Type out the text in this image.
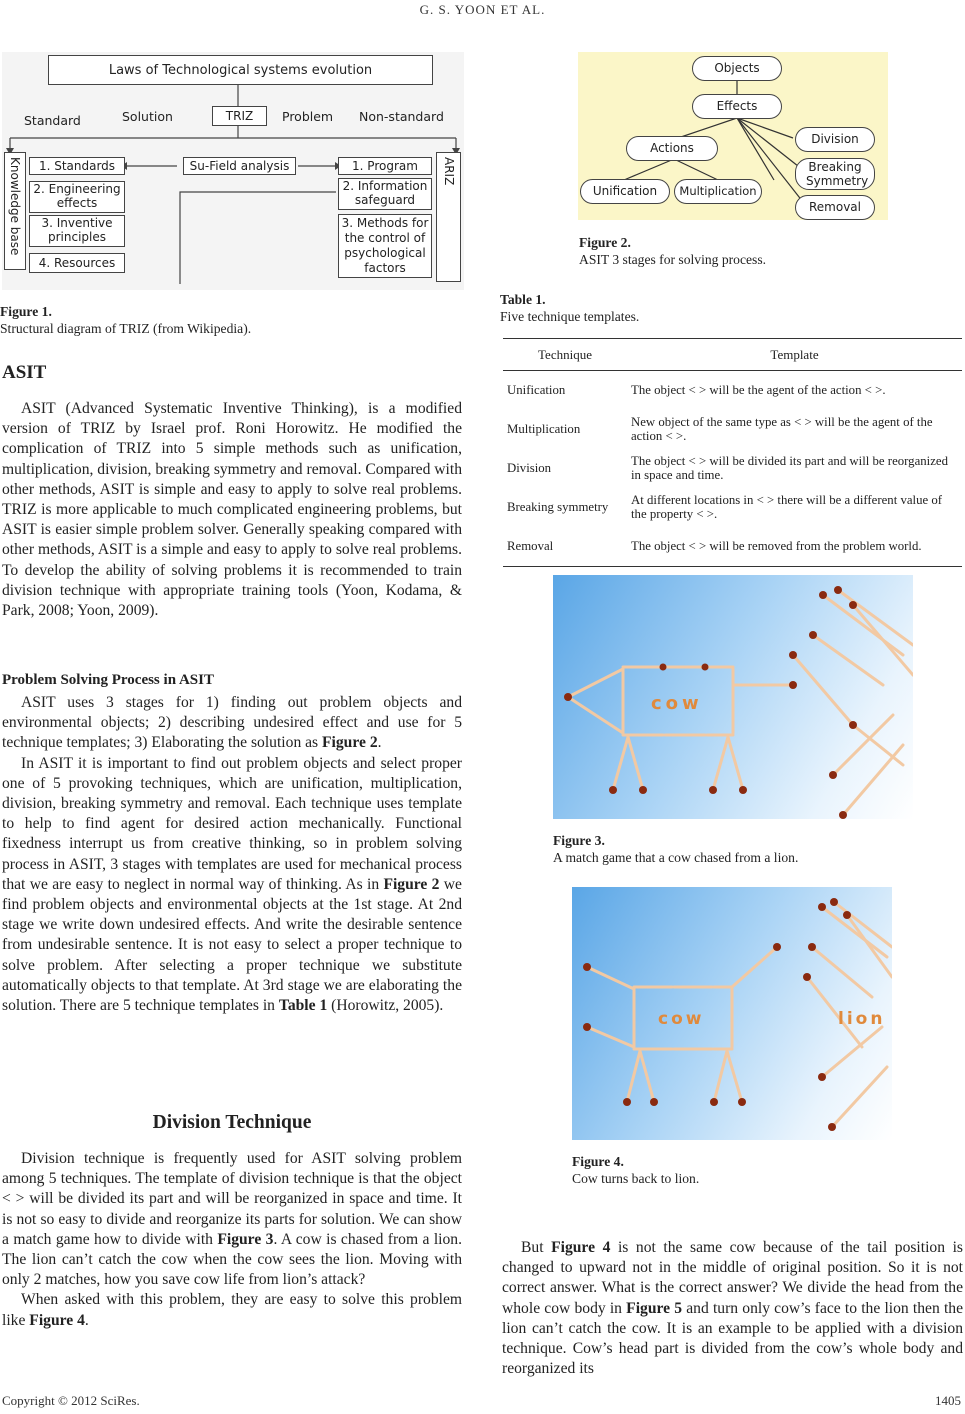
G. S. YOON ET AL.
Laws of Technological systems evolution
Standard	Solution	TRIZ	Problem Non-standard
Knowledge base	ARIZ
1. Standards
2. Engineering effects
3. Inventive principles
4. Resources
Su-Field analysis	1. Program
2. Information safeguard
3. Methods for the control of psychological factors
Figure 1.
Structural diagram of TRIZ (from Wikipedia).
ASIT

ASIT (Advanced Systematic Inventive Thinking), is a modified version of TRIZ by Israel prof. Roni Horowitz. He modified the complication of TRIZ into 5 simple methods such as unification, multiplication, division, breaking symmetry and removal. Compared with other methods, ASIT is simple and easy to apply to solve real problems. TRIZ is more applicable to much complicated engineering problems, but ASIT is easier simple problem solver. Generally speaking compared with other methods, ASIT is a simple and easy to apply to solve real problems. To develop the ability of solving problems it is recommended to train division technique with appropriate training tools (Yoon, Kodama, & Park, 2008; Yoon, 2009).

Problem Solving Process in ASIT

ASIT uses 3 stages for 1) finding out problem objects and environmental objects; 2) describing undesired effect and use for 5 technique templates; 3) Elaborating the solution as Figure 2.

In ASIT it is important to find out problem objects and select proper one of 5 provoking techniques, which are unification, multiplication, division, breaking symmetry and removal. Each technique uses template to help to find agent for desired action mechanically. Functional fixedness interrupt us from creative thinking, so in problem solving process in ASIT, 3 stages with templates are used for mechanical process that we are easy to neglect in normal way of thinking. As in Figure 2 we find problem objects and environmental objects at the 1st stage. At 2nd stage we write down undesired effects. And write the desirable sentence from undesirable sentence. It is not easy to select a proper technique to solve problem. After selecting a proper technique we substitute automatically objects to that template. At 3rd stage we are elaborating the solution. There are 5 technique templates in Table 1 (Horowitz, 2005).

Division Technique

Division technique is frequently used for ASIT solving problem among 5 techniques. The template of division technique is that the object < > will be divided its part and will be reorganized in space and time. It is not so easy to divide and reorganize its parts for solution. We can show a match game how to divide with Figure 3. A cow is chased from a lion. The lion can’t catch the cow when the cow sees the lion. Moving with only 2 matches, how you save cow life from lion’s attack?

When asked with this problem, they are easy to solve this problem like Figure 4.

Objects
Effects
Actions
Unification	Multiplication
Division
Breaking Symmetry
Removal
Figure 2.
ASIT 3 stages for solving process.
Table 1.
Five technique templates.
Technique	Template
Unification	The object < > will be the agent of the action < >.
Multiplication	New object of the same type as < > will be the agent of the action < >.
Division	The object < > will be divided its part and will be reorganized in space and time.
Breaking symmetry	At different locations in < > there will be a different value of the property < >.
Removal	The object < > will be removed from the problem world.
cow
Figure 3.
A match game that a cow chased from a lion.
cow	lion
Figure 4.
Cow turns back to lion.

But Figure 4 is not the same cow because of the tail position is changed to upward not in the middle of original position. So it is not correct answer. What is the correct answer? We divide the head from the whole cow body in Figure 5 and turn only cow’s face to the lion then the lion can’t catch the cow. It is an example to be applied with a division technique. Cow’s head part is divided from the cow’s whole body and reorganized its

Copyright © 2012 SciRes.	1405
